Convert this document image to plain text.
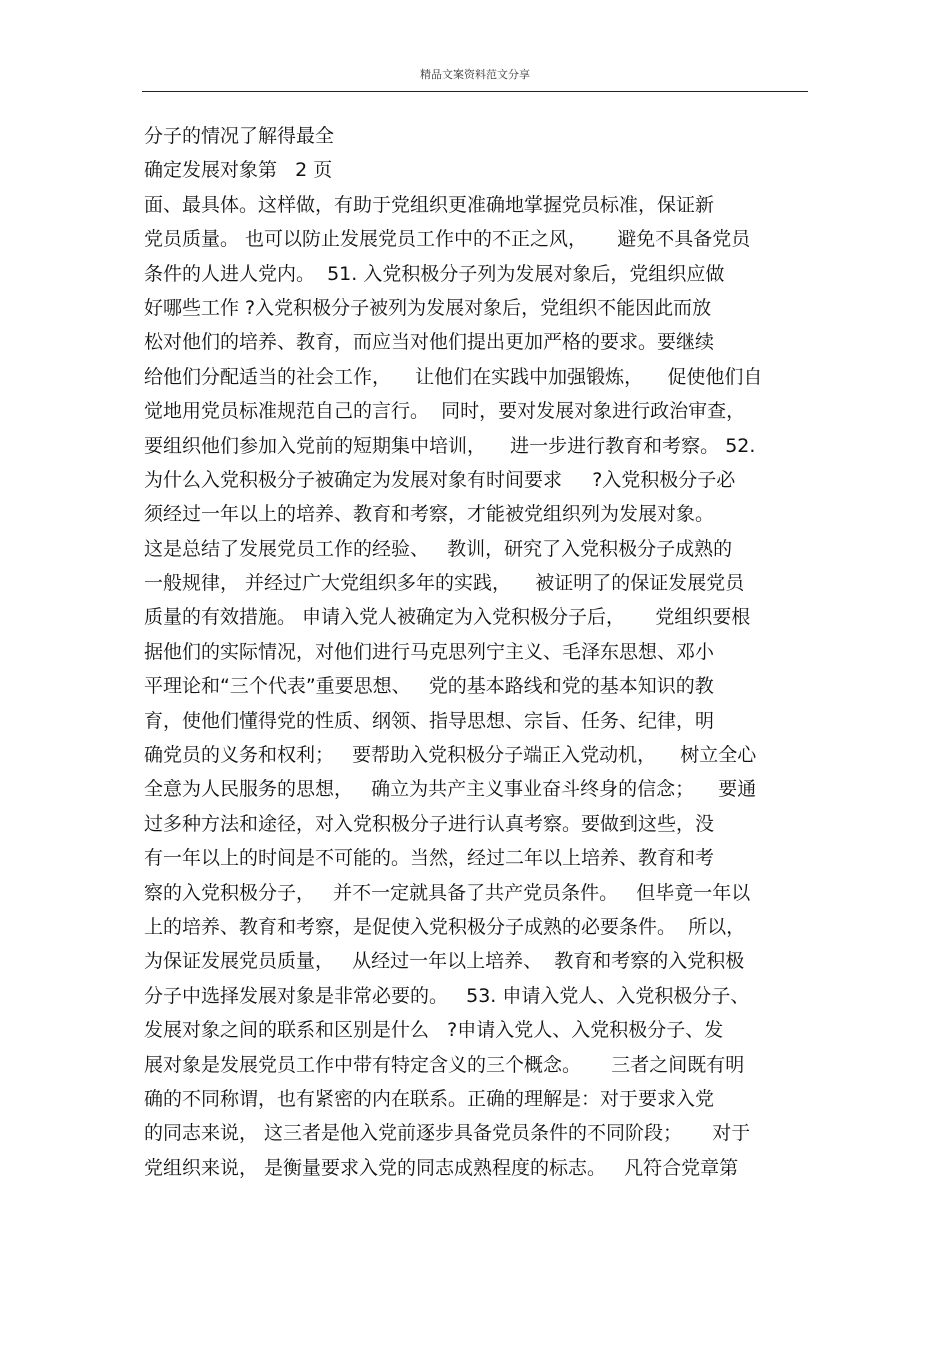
精品文案资料范文分享
分子的情况了解得最全
确定发展对象第   2 页
面、最具体。这样做，有助于党组织更准确地掌握党员标准，保证新
党员质量。 也可以防止发展党员工作中的不正之风，     避免不具备党员
条件的人进人党内。  51. 入党积极分子列为发展对象后，党组织应做
好哪些工作 ?入党积极分子被列为发展对象后，党组织不能因此而放
松对他们的培养、教育，而应当对他们提出更加严格的要求。要继续
给他们分配适当的社会工作，    让他们在实践中加强锻炼，    促使他们自
觉地用党员标准规范自己的言行。  同时，要对发展对象进行政治审查，
要组织他们参加入党前的短期集中培训，    进一步进行教育和考察。 52.
为什么入党积极分子被确定为发展对象有时间要求     ?入党积极分子必
须经过一年以上的培养、教育和考察，才能被党组织列为发展对象。
这是总结了发展党员工作的经验、   教训，研究了入党积极分子成熟的
一般规律， 并经过广大党组织多年的实践，    被证明了的保证发展党员
质量的有效措施。 申请入党人被确定为入党积极分子后，     党组织要根
据他们的实际情况，对他们进行马克思列宁主义、毛泽东思想、邓小
平理论和“三个代表”重要思想、   党的基本路线和党的基本知识的教
育，使他们懂得党的性质、纲领、指导思想、宗旨、任务、纪律，明
确党员的义务和权利；   要帮助入党积极分子端正入党动机，    树立全心
全意为人民服务的思想，   确立为共产主义事业奋斗终身的信念；    要通
过多种方法和途径，对入党积极分子进行认真考察。要做到这些，没
有一年以上的时间是不可能的。当然，经过二年以上培养、教育和考
察的入党积极分子，   并不一定就具备了共产党员条件。   但毕竟一年以
上的培养、教育和考察，是促使入党积极分子成熟的必要条件。  所以，
为保证发展党员质量，   从经过一年以上培养、  教育和考察的入党积极
分子中选择发展对象是非常必要的。   53. 申请入党人、入党积极分子、
发展对象之间的联系和区别是什么   ?申请入党人、入党积极分子、发
展对象是发展党员工作中带有特定含义的三个概念。     三者之间既有明
确的不同称谓，也有紧密的内在联系。正确的理解是：对于要求入党
的同志来说， 这三者是他入党前逐步具备党员条件的不同阶段；     对于
党组织来说， 是衡量要求入党的同志成熟程度的标志。   凡符合党章第
